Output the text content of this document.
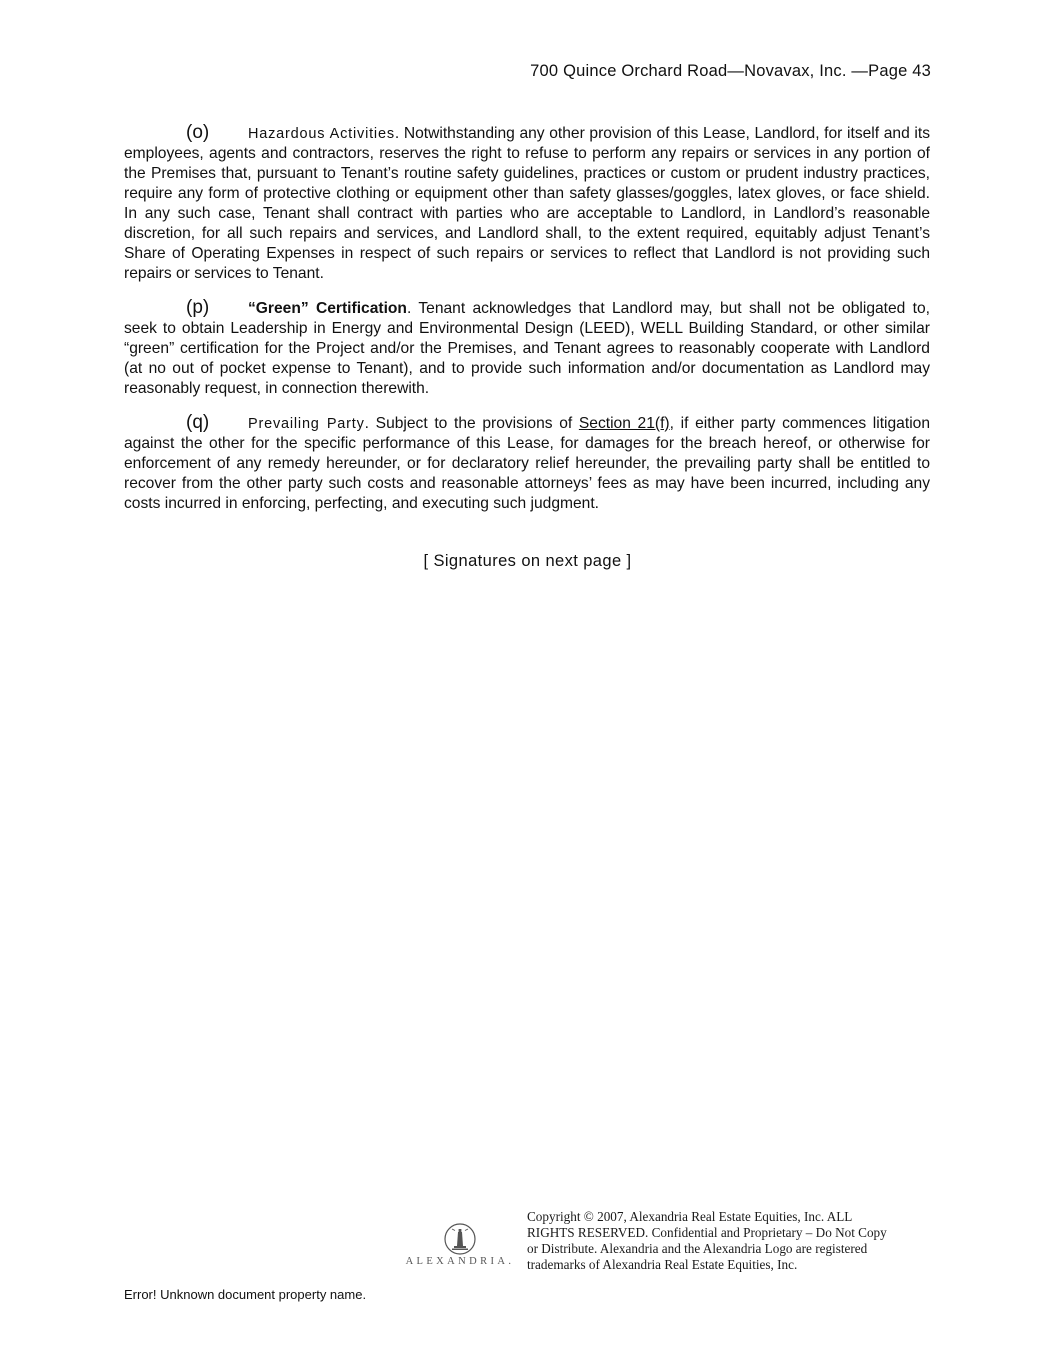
700 Quince Orchard Road—Novavax, Inc. —Page 43

(o)	Hazardous Activities. Notwithstanding any other provision of this Lease, Landlord, for itself and its employees, agents and contractors, reserves the right to refuse to perform any repairs or services in any portion of the Premises that, pursuant to Tenant’s routine safety guidelines, practices or custom or prudent industry practices, require any form of protective clothing or equipment other than safety glasses/goggles, latex gloves, or face shield. In any such case, Tenant shall contract with parties who are acceptable to Landlord, in Landlord’s reasonable discretion, for all such repairs and services, and Landlord shall, to the extent required, equitably adjust Tenant’s Share of Operating Expenses in respect of such repairs or services to reflect that Landlord is not providing such repairs or services to Tenant.

(p) “Green” Certification. Tenant acknowledges that Landlord may, but shall not be obligated to, seek to obtain Leadership in Energy and Environmental Design (LEED), WELL Building Standard, or other similar “green” certification for the Project and/or the Premises, and Tenant agrees to reasonably cooperate with Landlord (at no out of pocket expense to Tenant), and to provide such information and/or documentation as Landlord may reasonably request, in connection therewith.

(q)	Prevailing Party. Subject to the provisions of Section 21(f), if either party commences litigation against the other for the specific performance of this Lease, for damages for the breach hereof, or otherwise for enforcement of any remedy hereunder, or for declaratory relief hereunder, the prevailing party shall be entitled to recover from the other party such costs and reasonable attorneys’ fees as may have been incurred, including any costs incurred in enforcing, perfecting, and executing such judgment.

[ Signatures on next page ]
ALEXANDRIA.
Copyright © 2007, Alexandria Real Estate Equities, Inc. ALL RIGHTS RESERVED. Confidential and Proprietary – Do Not Copy or Distribute. Alexandria and the Alexandria Logo are registered trademarks of Alexandria Real Estate Equities, Inc.
Error! Unknown document property name.
